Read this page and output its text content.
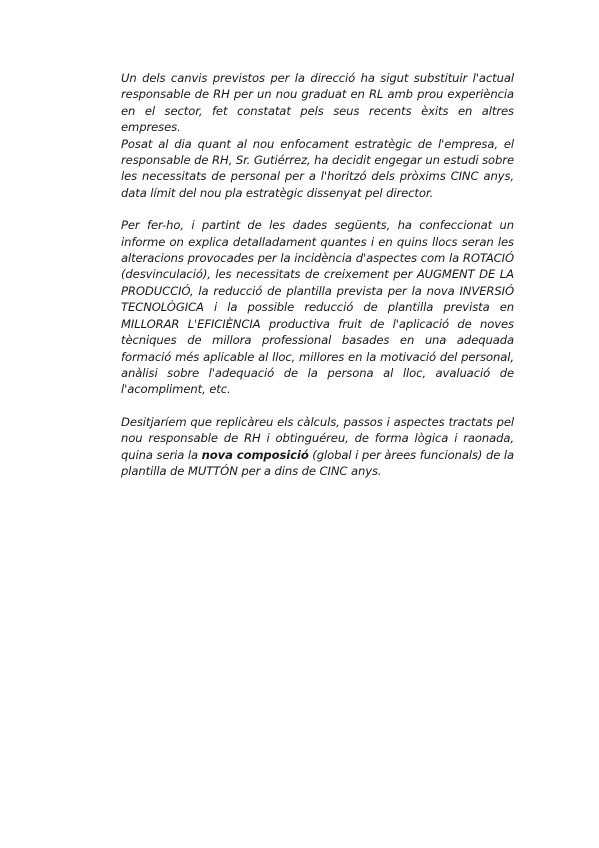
Un dels canvis previstos per la direcció ha sigut substituir l'actual responsable de RH per un nou graduat en RL amb prou experiència en el sector, fet constatat pels seus recents èxits en altres empreses.

Posat al dia quant al nou enfocament estratègic de l'empresa, el responsable de RH, Sr. Gutiérrez, ha decidit engegar un estudi sobre les necessitats de personal per a l'horitzó dels pròxims CINC anys, data límit del nou pla estratègic dissenyat pel director.

Per fer-ho, i partint de les dades següents, ha confeccionat un informe on explica detalladament quantes i en quins llocs seran les alteracions provocades per la incidència d'aspectes com la ROTACIÓ (desvinculació), les necessitats de creixement per AUGMENT DE LA PRODUCCIÓ, la reducció de plantilla prevista per la nova INVERSIÓ TECNOLÒGICA i la possible reducció de plantilla prevista en MILLORAR L'EFICIÈNCIA productiva fruit de l'aplicació de noves tècniques de millora professional basades en una adequada formació més aplicable al lloc, millores en la motivació del personal, anàlisi sobre l'adequació de la persona al lloc, avaluació de l'acompliment, etc.

Desitjaríem que replicàreu els càlculs, passos i aspectes tractats pel nou responsable de RH i obtinguéreu, de forma lògica i raonada, quina seria la nova composició (global i per àrees funcionals) de la plantilla de MUTTÓN per a dins de CINC anys.
